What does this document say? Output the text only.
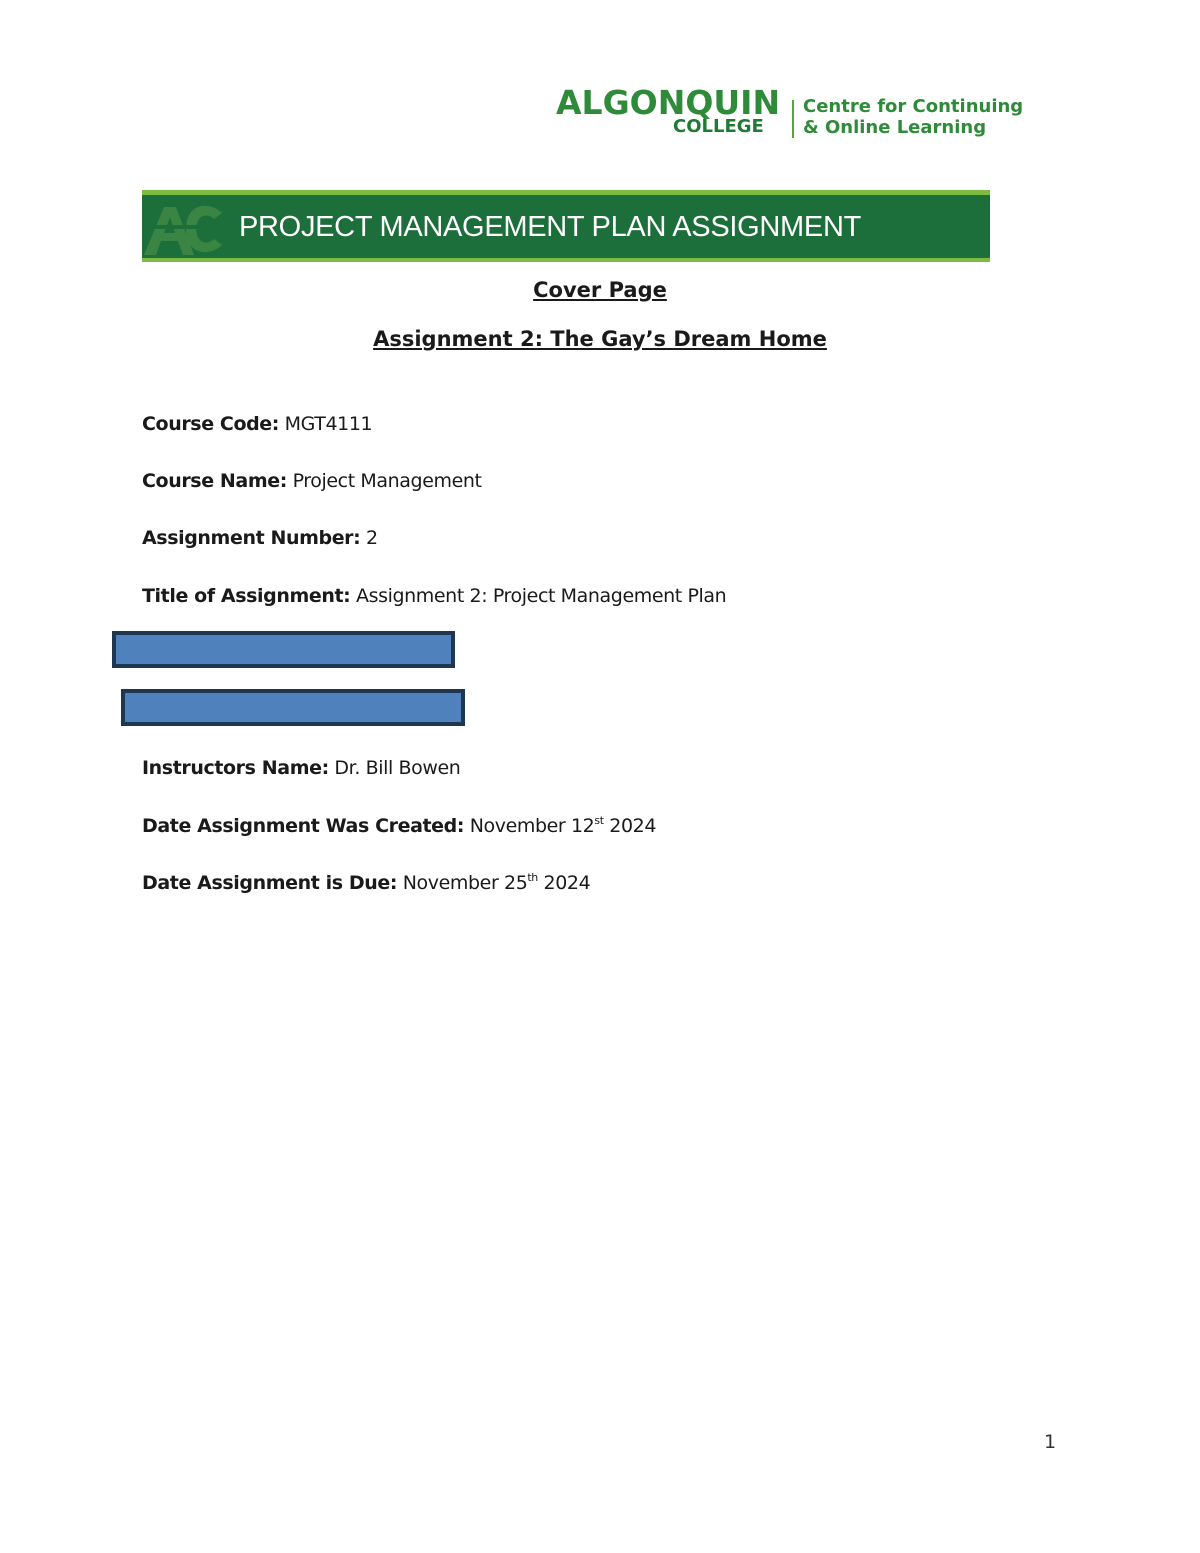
ALGONQUIN
COLLEGE
Centre for Continuing
& Online Learning
PROJECT MANAGEMENT PLAN ASSIGNMENT
Cover Page
Assignment 2: The Gay’s Dream Home
Course Code: MGT4111
Course Name: Project Management
Assignment Number: 2
Title of Assignment: Assignment 2: Project Management Plan
Instructors Name: Dr. Bill Bowen
Date Assignment Was Created: November 12st 2024
Date Assignment is Due: November 25th 2024
1
